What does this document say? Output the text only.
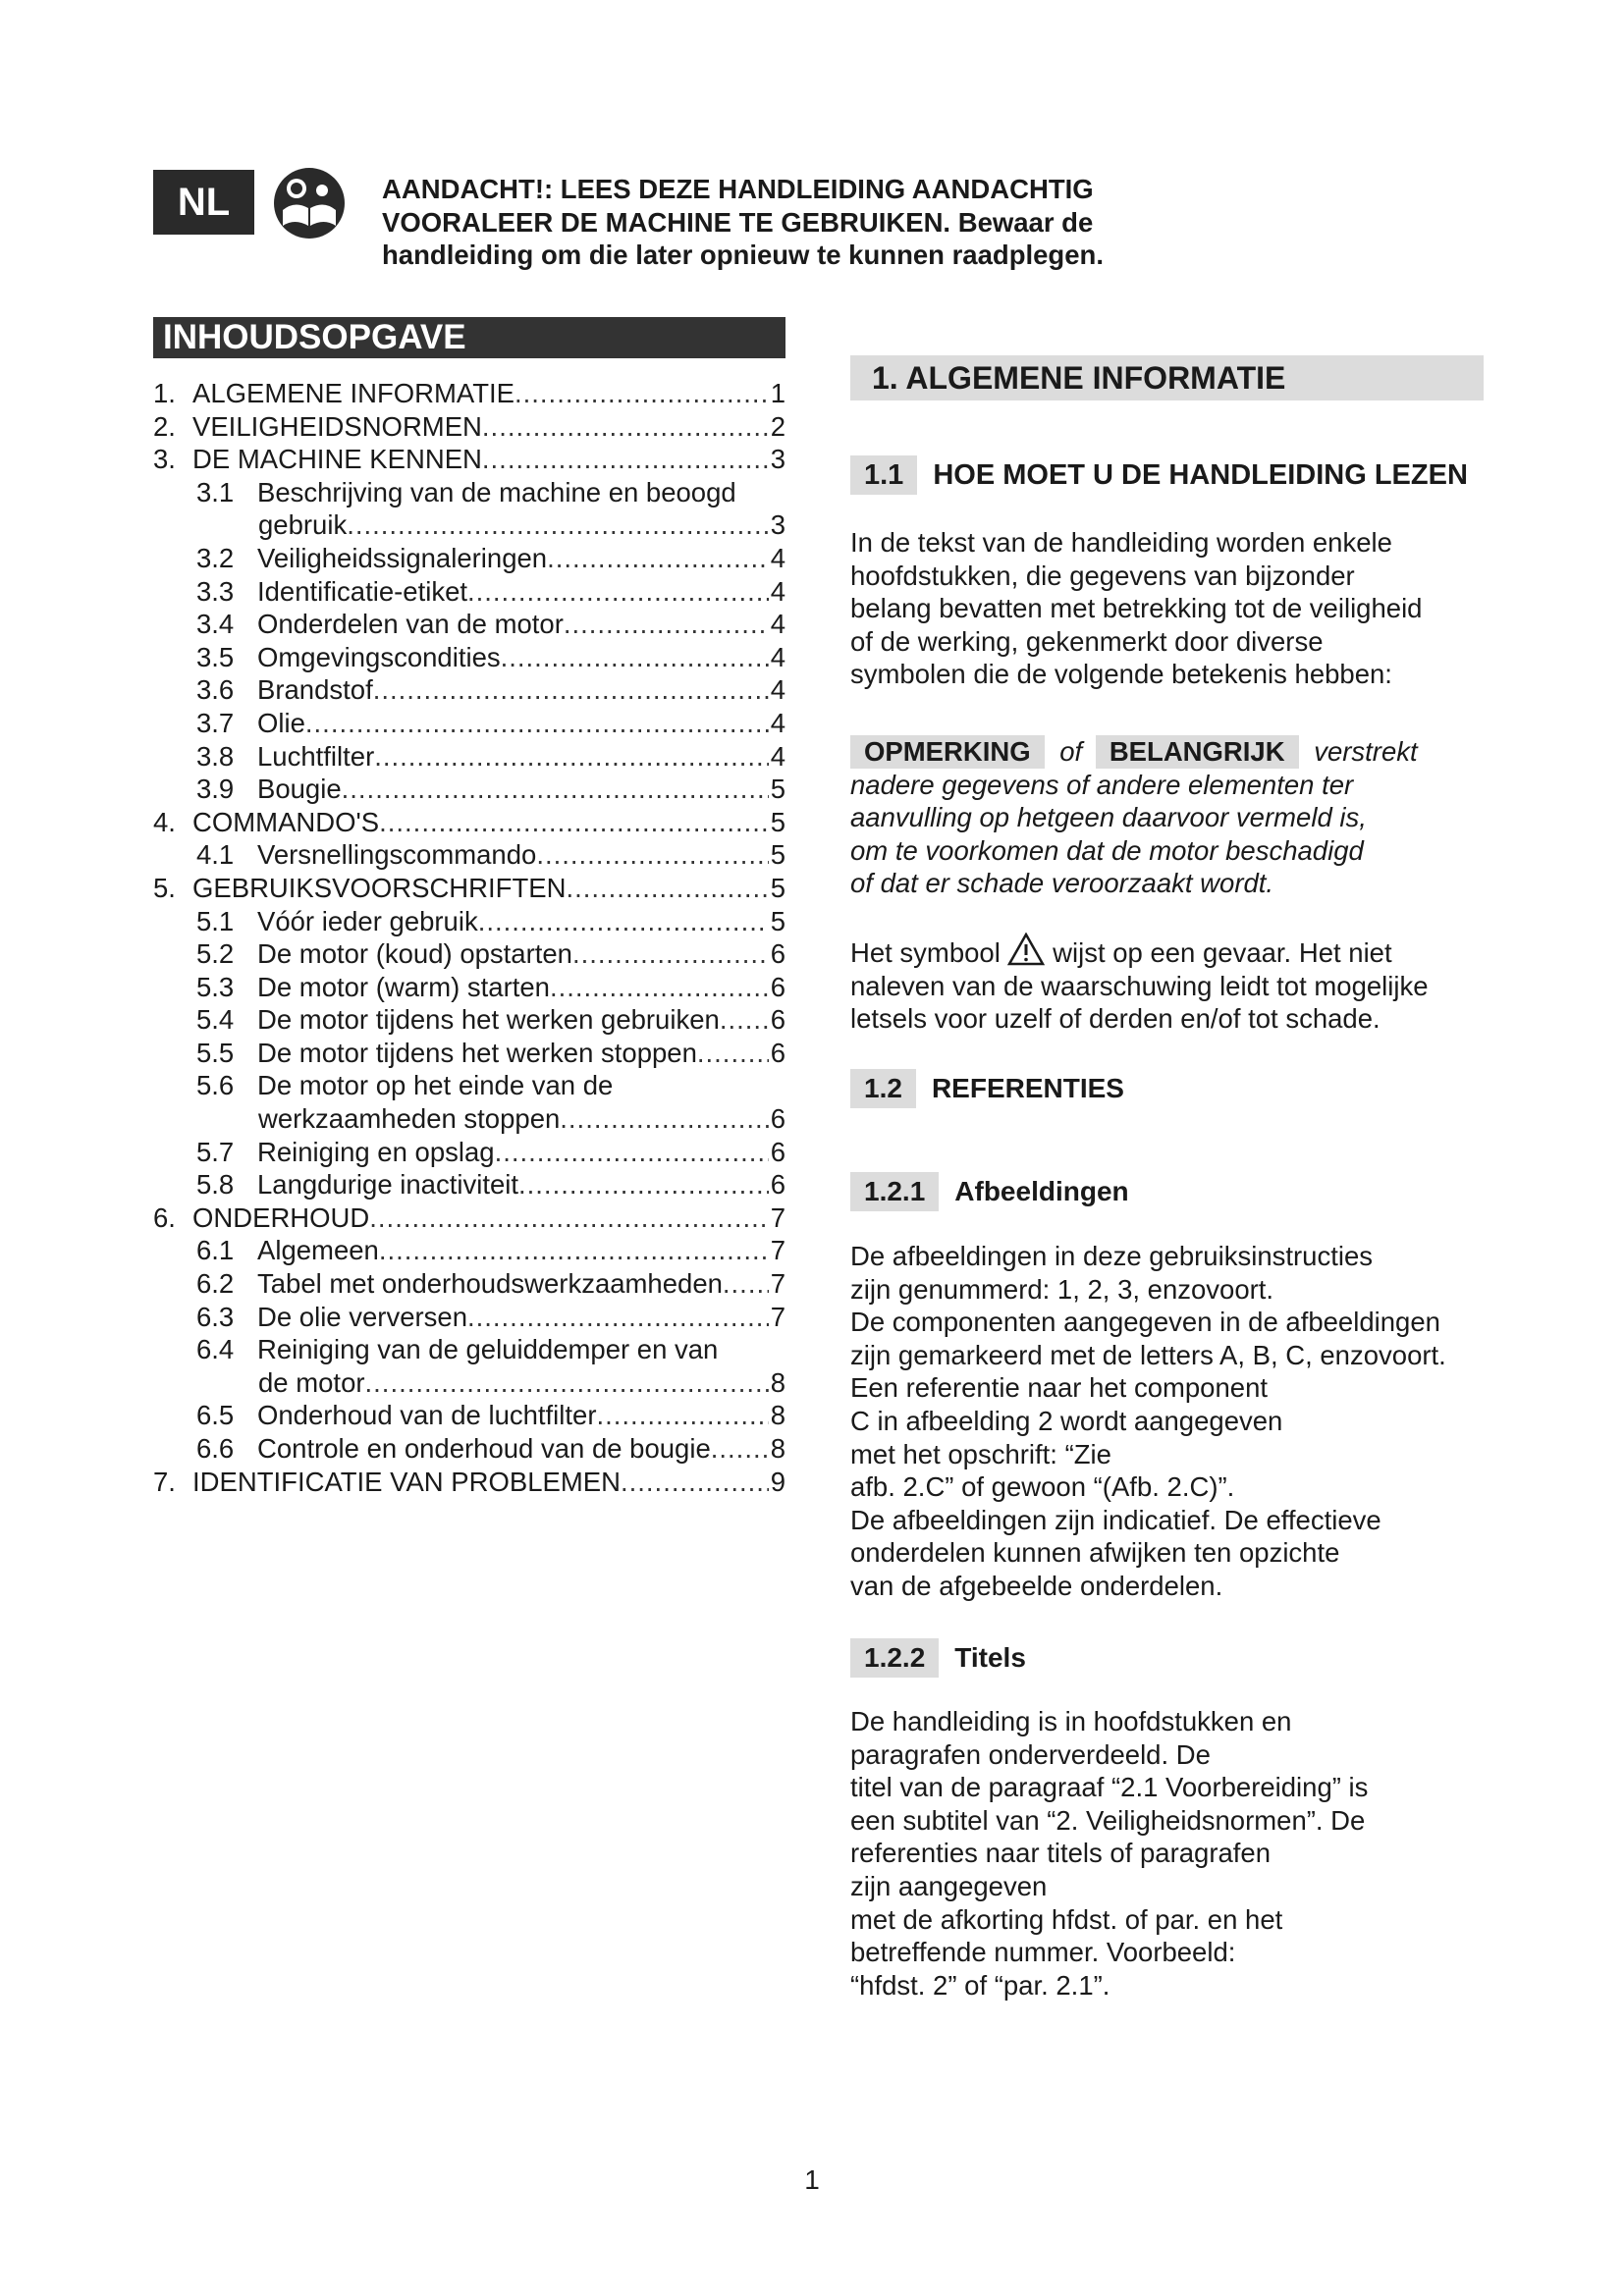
NL	AANDACHT!: LEES DEZE HANDLEIDING AANDACHTIG
VOORALEER DE MACHINE TE GEBRUIKEN. Bewaar de
handleiding om die later opnieuw te kunnen raadplegen.
INHOUDSOPGAVE
1. ALGEMENE INFORMATIE .....	1
2. VEILIGHEIDSNORMEN .....	2
3. DE MACHINE KENNEN .....	3
3.1 Beschrijving van de machine en beoogd
gebruik .....	3
3.2 Veiligheidssignaleringen .....	4
3.3 Identificatie-etiket .....	4
3.4 Onderdelen van de motor .....	4
3.5 Omgevingscondities .....	4
3.6 Brandstof .....	4
3.7 Olie .....	4
3.8 Luchtfilter .....	4
3.9 Bougie .....	5
4. COMMANDO'S .....	5
4.1 Versnellingscommando .....	5
5. GEBRUIKSVOORSCHRIFTEN .....	5
5.1 Vóór ieder gebruik .....	5
5.2 De motor (koud) opstarten .....	6
5.3 De motor (warm) starten .....	6
5.4 De motor tijdens het werken gebruiken ..... 6
5.5 De motor tijdens het werken stoppen .....	6
5.6 De motor op het einde van de
werkzaamheden stoppen .....	6
5.7 Reiniging en opslag .....	6
5.8 Langdurige inactiviteit .....	6
6. ONDERHOUD .....	7
6.1 Algemeen .....	7
6.2 Tabel met onderhoudswerkzaamheden ..... 7
6.3 De olie verversen .....	7
6.4 Reiniging van de geluiddemper en van
de motor .....	8
6.5 Onderhoud van de luchtfilter .....	8
6.6 Controle en onderhoud van de bougie ..... 8
7. IDENTIFICATIE VAN PROBLEMEN .....	9
1. ALGEMENE INFORMATIE
1.1	HOE MOET U DE HANDLEIDING LEZEN
In de tekst van de handleiding worden enkele
hoofdstukken, die gegevens van bijzonder
belang bevatten met betrekking tot de veiligheid
of de werking, gekenmerkt door diverse
symbolen die de volgende betekenis hebben:
OPMERKING of BELANGRIJK verstrekt
nadere gegevens of andere elementen ter
aanvulling op hetgeen daarvoor vermeld is,
om te voorkomen dat de motor beschadigd
of dat er schade veroorzaakt wordt.
Het symbool wijst op een gevaar. Het niet
naleven van de waarschuwing leidt tot mogelijke
letsels voor uzelf of derden en/of tot schade.
1.2	REFERENTIES
1.2.1	Afbeeldingen
De afbeeldingen in deze gebruiksinstructies
zijn genummerd: 1, 2, 3, enzovoort.
De componenten aangegeven in de afbeeldingen
zijn gemarkeerd met de letters A, B, C, enzovoort.
Een referentie naar het component
C in afbeelding 2 wordt aangegeven
met het opschrift: “Zie
afb. 2.C” of gewoon “(Afb. 2.C)”.
De afbeeldingen zijn indicatief. De effectieve
onderdelen kunnen afwijken ten opzichte
van de afgebeelde onderdelen.
1.2.2	Titels
De handleiding is in hoofdstukken en
paragrafen onderverdeeld. De
titel van de paragraaf “2.1 Voorbereiding” is
een subtitel van “2. Veiligheidsnormen”. De
referenties naar titels of paragrafen
zijn aangegeven
met de afkorting hfdst. of par. en het
betreffende nummer. Voorbeeld:
“hfdst. 2” of “par. 2.1”.
1
